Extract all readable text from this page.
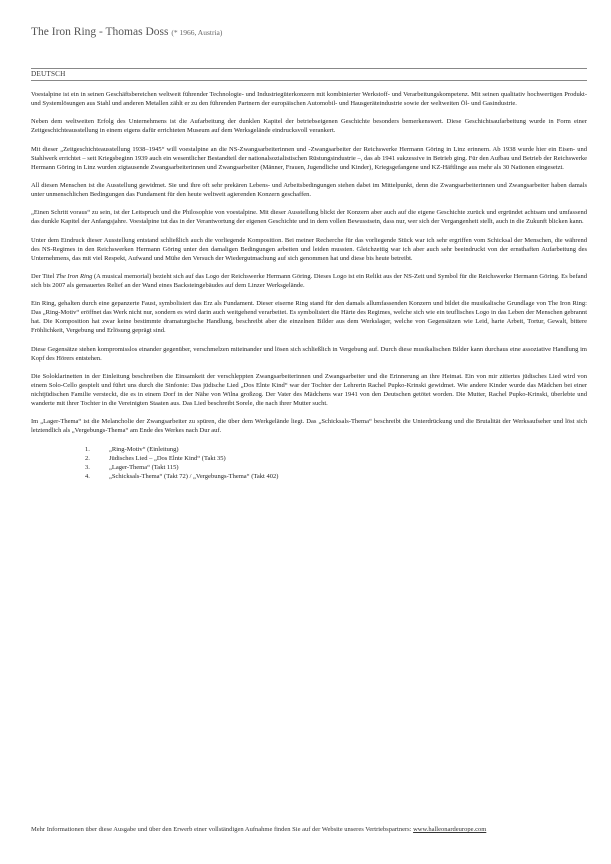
The Iron Ring - Thomas Doss (* 1966, Austria)
DEUTSCH

Voestalpine ist ein in seinen Geschäftsbereichen weltweit führender Technologie- und Industriegüterkonzern mit kombinierter Werkstoff- und Verarbeitungskompetenz. Mit seinen qualitativ hochwertigen Produkt- und Systemlösungen aus Stahl und anderen Metallen zählt er zu den führenden Partnern der europäischen Automobil- und Hausgeräteindustrie sowie der weltweiten Öl- und Gasindustrie.

Neben dem weltweiten Erfolg des Unternehmens ist die Aufarbeitung der dunklen Kapitel der betriebseigenen Geschichte besonders bemerkenswert. Diese Geschichtsaufarbeitung wurde in Form einer Zeitgeschichteausstellung in einem eigens dafür errichteten Museum auf dem Werksgelände eindrucksvoll verankert.

Mit dieser „Zeitgeschichteausstellung 1938–1945“ will voestalpine an die NS-Zwangsarbeiterinnen und -Zwangsarbeiter der Reichswerke Hermann Göring in Linz erinnern. Ab 1938 wurde hier ein Eisen- und Stahlwerk errichtet – seit Kriegsbeginn 1939 auch ein wesentlicher Bestandteil der nationalsozialistischen Rüstungsindustrie –, das ab 1941 sukzessive in Betrieb ging. Für den Aufbau und Betrieb der Reichswerke Hermann Göring in Linz wurden zigtausende Zwangsarbeiterinnen und Zwangsarbeiter (Männer, Frauen, Jugendliche und Kinder), Kriegsgefangene und KZ-Häftlinge aus mehr als 30 Nationen eingesetzt.

All diesen Menschen ist die Ausstellung gewidmet. Sie und ihre oft sehr prekären Lebens- und Arbeitsbedingungen stehen dabei im Mittelpunkt, denn die Zwangsarbeiterinnen und Zwangsarbeiter haben damals unter unmenschlichen Bedingungen das Fundament für den heute weltweit agierenden Konzern geschaffen.

„Einen Schritt voraus“ zu sein, ist der Leitspruch und die Philosophie von voestalpine. Mit dieser Ausstellung blickt der Konzern aber auch auf die eigene Geschichte zurück und ergründet achtsam und umfassend das dunkle Kapitel der Anfangsjahre. Voestalpine tut das in der Verantwortung der eigenen Geschichte und in dem vollen Bewusstsein, dass nur, wer sich der Vergangenheit stellt, auch in die Zukunft blicken kann.

Unter dem Eindruck dieser Ausstellung entstand schließlich auch die vorliegende Komposition. Bei meiner Recherche für das vorliegende Stück war ich sehr ergriffen vom Schicksal der Menschen, die während des NS-Regimes in den Reichswerken Hermann Göring unter den damaligen Bedingungen arbeiten und leiden mussten. Gleichzeitig war ich aber auch sehr beeindruckt von der ernsthaften Aufarbeitung des Unternehmens, das mit viel Respekt, Aufwand und Mühe den Versuch der Wiedergutmachung auf sich genommen hat und diese bis heute betreibt.

Der Titel The Iron Ring (A musical memorial) bezieht sich auf das Logo der Reichswerke Hermann Göring. Dieses Logo ist ein Relikt aus der NS-Zeit und Symbol für die Reichswerke Hermann Göring. Es befand sich bis 2007 als gemauertes Relief an der Wand eines Backsteingebäudes auf dem Linzer Werksgelände.

Ein Ring, gehalten durch eine gepanzerte Faust, symbolisiert das Erz als Fundament. Dieser eiserne Ring stand für den damals allumfassenden Konzern und bildet die musikalische Grundlage von The Iron Ring: Das „Ring-Motiv“ eröffnet das Werk nicht nur, sondern es wird darin auch weitgehend verarbeitet. Es symbolisiert die Härte des Regimes, welche sich wie ein teuflisches Logo in das Leben der Menschen gebrannt hat. Die Komposition hat zwar keine bestimmte dramaturgische Handlung, beschreibt aber die einzelnen Bilder aus dem Werkslager, welche von Gegensätzen wie Leid, harte Arbeit, Tortur, Gewalt, bittere Fröhlichkeit, Vergebung und Erlösung geprägt sind.

Diese Gegensätze stehen kompromisslos einander gegenüber, verschmelzen miteinander und lösen sich schließlich in Vergebung auf. Durch diese musikalischen Bilder kann durchaus eine assoziative Handlung im Kopf des Hörers entstehen.

Die Soloklarinetten in der Einleitung beschreiben die Einsamkeit der verschleppten Zwangsarbeiterinnen und Zwangsarbeiter und die Erinnerung an ihre Heimat. Ein von mir zitiertes jüdisches Lied wird von einem Solo-Cello gespielt und führt uns durch die Sinfonie: Das jüdische Lied „Dos Elnte Kind“ war der Tochter der Lehrerin Rachel Pupko-Krinski gewidmet. Wie andere Kinder wurde das Mädchen bei einer nichtjüdischen Familie versteckt, die es in einem Dorf in der Nähe von Wilna großzog. Der Vater des Mädchens war 1941 von den Deutschen getötet worden. Die Mutter, Rachel Pupko-Krinski, überlebte und wanderte mit ihrer Tochter in die Vereinigten Staaten aus. Das Lied beschreibt Sorele, die nach ihrer Mutter sucht.

Im „Lager-Thema“ ist die Melancholie der Zwangsarbeiter zu spüren, die über dem Werkgelände liegt. Das „Schicksals-Thema“ beschreibt die Unterdrückung und die Brutalität der Werksaufseher und löst sich letztendlich als „Vergebungs-Thema“ am Ende des Werkes nach Dur auf.

1.	„Ring-Motiv“ (Einleitung)
2.	Jüdisches Lied – „Dos Elnte Kind“ (Takt 35)
3.	„Lager-Thema“ (Takt 115)
4.	„Schicksals-Thema“ (Takt 72) / „Vergebungs-Thema“ (Takt 402)
Mehr Informationen über diese Ausgabe und über den Erwerb einer vollständigen Aufnahme finden Sie auf der Website unseres Vertriebspartners: www.halleonardeurope.com
